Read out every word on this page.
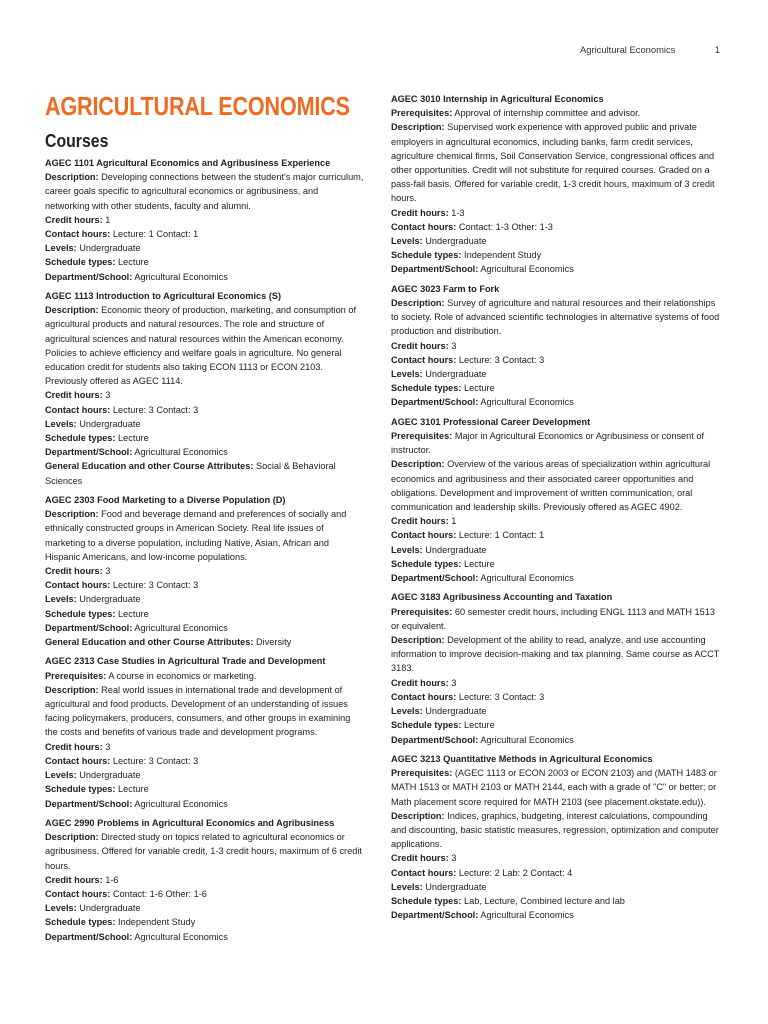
Agricultural Economics	1
AGRICULTURAL ECONOMICS
Courses
AGEC 1101 Agricultural Economics and Agribusiness Experience
Description: Developing connections between the student's major curriculum, career goals specific to agricultural economics or agribusiness, and networking with other students, faculty and alumni.
Credit hours: 1
Contact hours: Lecture: 1 Contact: 1
Levels: Undergraduate
Schedule types: Lecture
Department/School: Agricultural Economics
AGEC 1113 Introduction to Agricultural Economics (S)
Description: Economic theory of production, marketing, and consumption of agricultural products and natural resources. The role and structure of agricultural sciences and natural resources within the American economy. Policies to achieve efficiency and welfare goals in agriculture. No general education credit for students also taking ECON 1113 or ECON 2103. Previously offered as AGEC 1114.
Credit hours: 3
Contact hours: Lecture: 3 Contact: 3
Levels: Undergraduate
Schedule types: Lecture
Department/School: Agricultural Economics
General Education and other Course Attributes: Social & Behavioral Sciences
AGEC 2303 Food Marketing to a Diverse Population (D)
Description: Food and beverage demand and preferences of socially and ethnically constructed groups in American Society. Real life issues of marketing to a diverse population, including Native, Asian, African and Hispanic Americans, and low-income populations.
Credit hours: 3
Contact hours: Lecture: 3 Contact: 3
Levels: Undergraduate
Schedule types: Lecture
Department/School: Agricultural Economics
General Education and other Course Attributes: Diversity
AGEC 2313 Case Studies in Agricultural Trade and Development
Prerequisites: A course in economics or marketing.
Description: Real world issues in international trade and development of agricultural and food products. Development of an understanding of issues facing policymakers, producers, consumers, and other groups in examining the costs and benefits of various trade and development programs.
Credit hours: 3
Contact hours: Lecture: 3 Contact: 3
Levels: Undergraduate
Schedule types: Lecture
Department/School: Agricultural Economics
AGEC 2990 Problems in Agricultural Economics and Agribusiness
Description: Directed study on topics related to agricultural economics or agribusiness. Offered for variable credit, 1-3 credit hours, maximum of 6 credit hours.
Credit hours: 1-6
Contact hours: Contact: 1-6 Other: 1-6
Levels: Undergraduate
Schedule types: Independent Study
Department/School: Agricultural Economics
AGEC 3010 Internship in Agricultural Economics
Prerequisites: Approval of internship committee and advisor.
Description: Supervised work experience with approved public and private employers in agricultural economics, including banks, farm credit services, agriculture chemical firms, Soil Conservation Service, congressional offices and other opportunities. Credit will not substitute for required courses. Graded on a pass-fail basis. Offered for variable credit, 1-3 credit hours, maximum of 3 credit hours.
Credit hours: 1-3
Contact hours: Contact: 1-3 Other: 1-3
Levels: Undergraduate
Schedule types: Independent Study
Department/School: Agricultural Economics
AGEC 3023 Farm to Fork
Description: Survey of agriculture and natural resources and their relationships to society. Role of advanced scientific technologies in alternative systems of food production and distribution.
Credit hours: 3
Contact hours: Lecture: 3 Contact: 3
Levels: Undergraduate
Schedule types: Lecture
Department/School: Agricultural Economics
AGEC 3101 Professional Career Development
Prerequisites: Major in Agricultural Economics or Agribusiness or consent of instructor.
Description: Overview of the various areas of specialization within agricultural economics and agribusiness and their associated career opportunities and obligations. Development and improvement of written communication, oral communication and leadership skills. Previously offered as AGEC 4902.
Credit hours: 1
Contact hours: Lecture: 1 Contact: 1
Levels: Undergraduate
Schedule types: Lecture
Department/School: Agricultural Economics
AGEC 3183 Agribusiness Accounting and Taxation
Prerequisites: 60 semester credit hours, including ENGL 1113 and MATH 1513 or equivalent.
Description: Development of the ability to read, analyze, and use accounting information to improve decision-making and tax planning. Same course as ACCT 3183.
Credit hours: 3
Contact hours: Lecture: 3 Contact: 3
Levels: Undergraduate
Schedule types: Lecture
Department/School: Agricultural Economics
AGEC 3213 Quantitative Methods in Agricultural Economics
Prerequisites: (AGEC 1113 or ECON 2003 or ECON 2103) and (MATH 1483 or MATH 1513 or MATH 2103 or MATH 2144, each with a grade of "C" or better; or Math placement score required for MATH 2103 (see placement.okstate.edu)).
Description: Indices, graphics, budgeting, interest calculations, compounding and discounting, basic statistic measures, regression, optimization and computer applications.
Credit hours: 3
Contact hours: Lecture: 2 Lab: 2 Contact: 4
Levels: Undergraduate
Schedule types: Lab, Lecture, Combined lecture and lab
Department/School: Agricultural Economics
